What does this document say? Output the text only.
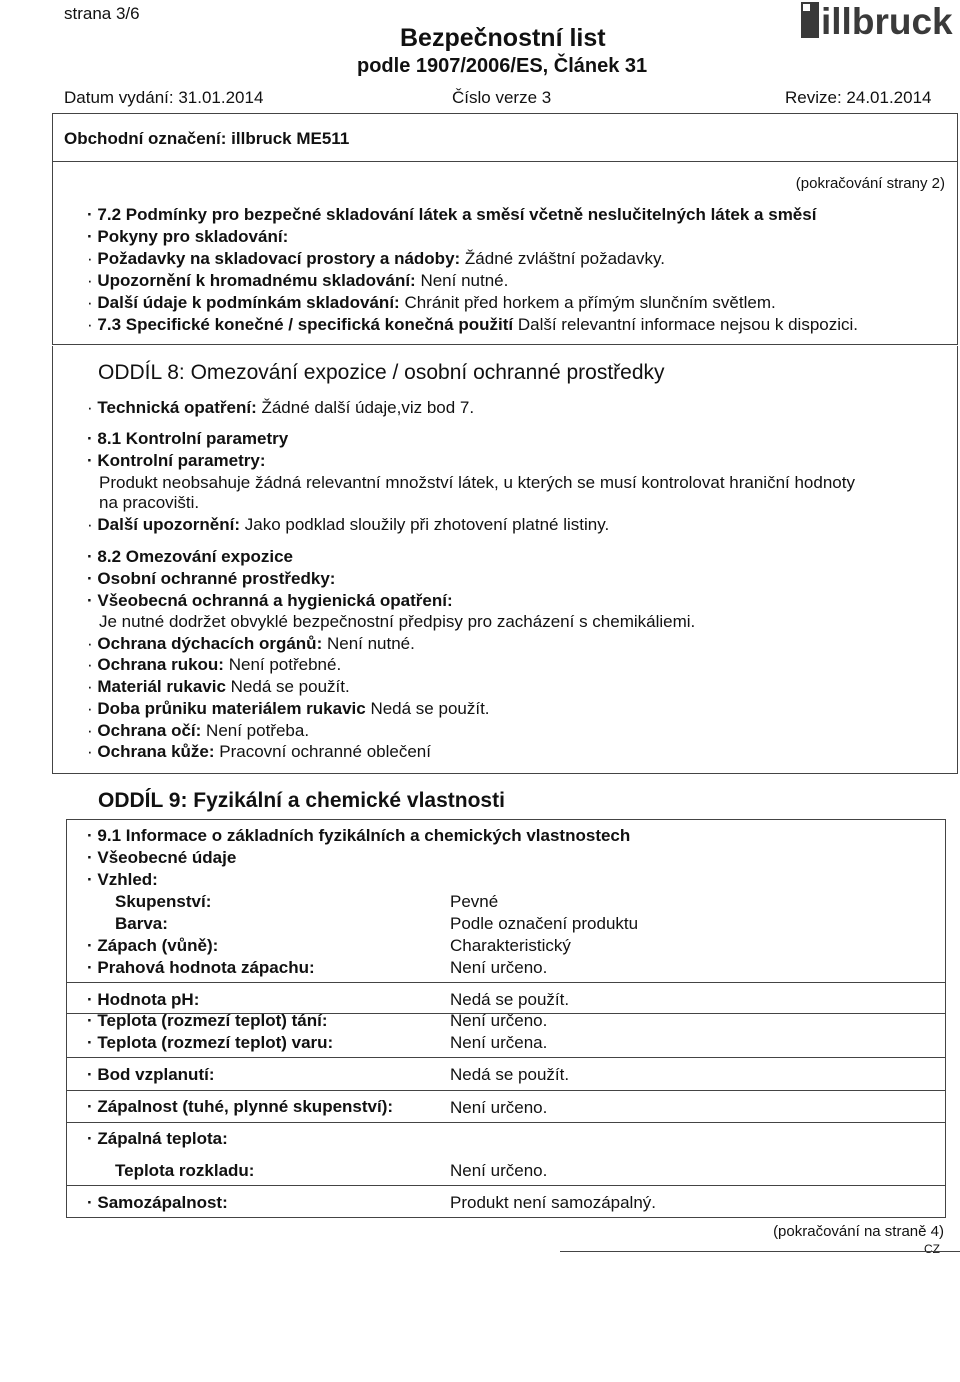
strana 3/6
Bezpečnostní list
podle 1907/2006/ES, Článek 31
illbruck
Datum vydání: 31.01.2014	Číslo verze 3	Revize: 24.01.2014
Obchodní označení: illbruck ME511
(pokračování strany 2)
· 7.2 Podmínky pro bezpečné skladování látek a směsí včetně neslučitelných látek a směsí
· Pokyny pro skladování:
· Požadavky na skladovací prostory a nádoby: Žádné zvláštní požadavky.
· Upozornění k hromadnému skladování: Není nutné.
· Další údaje k podmínkám skladování: Chránit před horkem a přímým slunčním světlem.
· 7.3 Specifické konečné / specifická konečná použití Další relevantní informace nejsou k dispozici.
ODDÍL 8: Omezování expozice / osobní ochranné prostředky
· Technická opatření: Žádné další údaje,viz bod 7.
· 8.1 Kontrolní parametry
· Kontrolní parametry:
Produkt neobsahuje žádná relevantní množství látek, u kterých se musí kontrolovat hraniční hodnoty
na pracovišti.
· Další upozornění: Jako podklad sloužily při zhotovení platné listiny.
· 8.2 Omezování expozice
· Osobní ochranné prostředky:
· Všeobecná ochranná a hygienická opatření:
Je nutné dodržet obvyklé bezpečnostní předpisy pro zacházení s chemikáliemi.
· Ochrana dýchacích orgánů: Není nutné.
· Ochrana rukou: Není potřebné.
· Materiál rukavic Nedá se použít.
· Doba průniku materiálem rukavic Nedá se použít.
· Ochrana očí: Není potřeba.
· Ochrana kůže: Pracovní ochranné oblečení
ODDÍL 9: Fyzikální a chemické vlastnosti
· 9.1 Informace o základních fyzikálních a chemických vlastnostech
· Všeobecné údaje
· Vzhled:
Skupenství:	Pevné
Barva:	Podle označení produktu
· Zápach (vůně):	Charakteristický
· Prahová hodnota zápachu:	Není určeno.
· Hodnota pH:	Nedá se použít.
· Teplota (rozmezí teplot) tání:	Není určeno.
· Teplota (rozmezí teplot) varu:	Není určena.
· Bod vzplanutí:	Nedá se použít.
· Zápalnost (tuhé, plynné skupenství):	Není určeno.
· Zápalná teplota:
Teplota rozkladu:	Není určeno.
· Samozápalnost:	Produkt není samozápalný.
(pokračování na straně 4)
CZ
